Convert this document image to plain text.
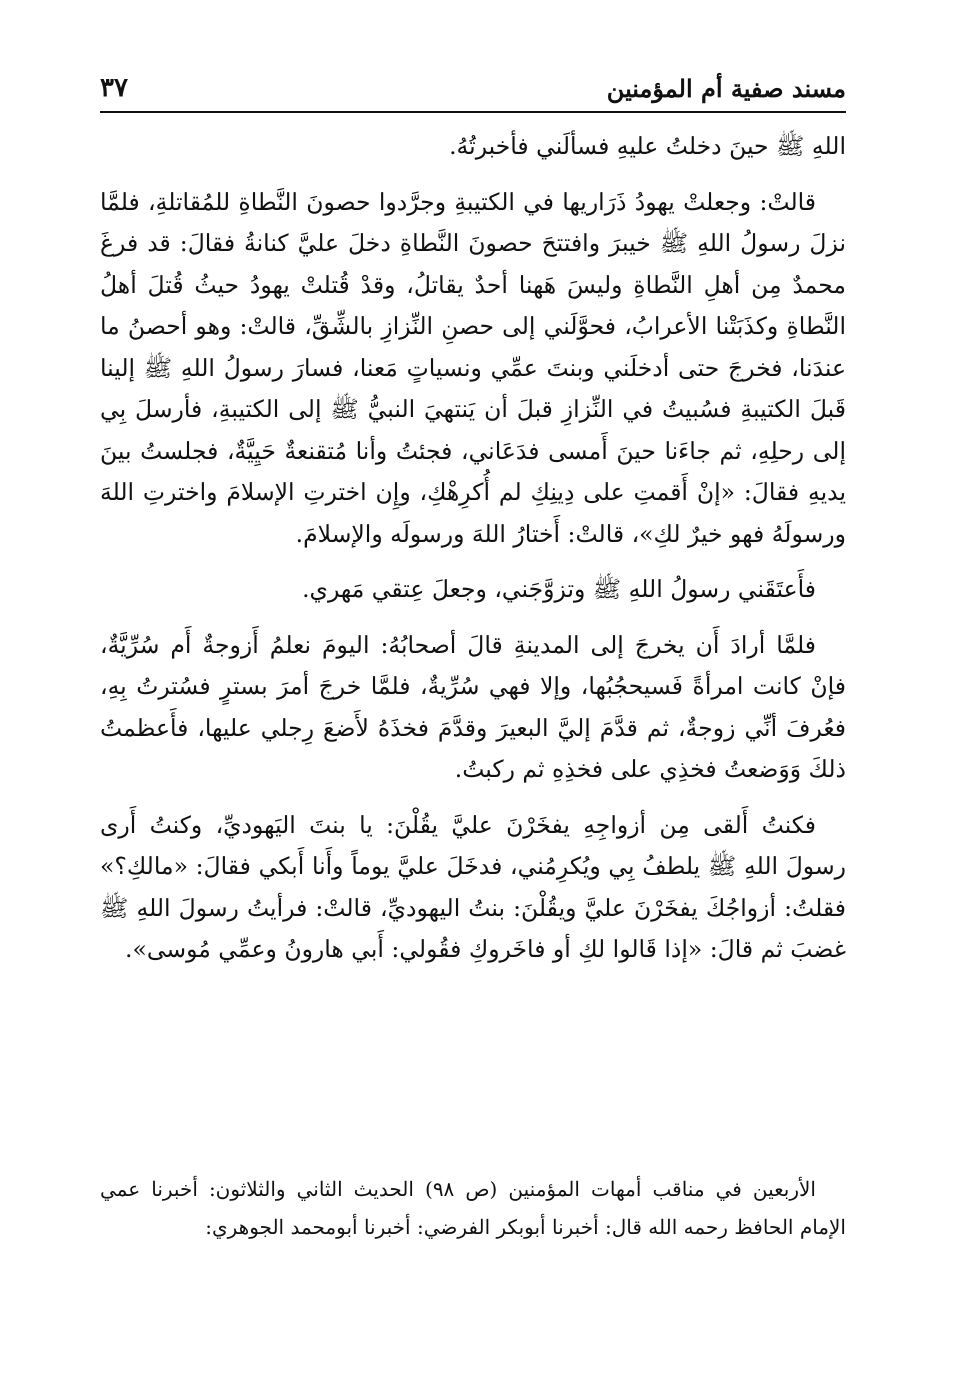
مسند صفية أم المؤمنين
٣٧

اللهِ ﷺ حينَ دخلتُ عليهِ فسألَني فأخبرتُهُ.

قالتْ: وجعلتْ يهودُ ذَرَاريها في الكتيبةِ وجرَّدوا حصونَ النَّطاةِ للمُقاتلةِ، فلمَّا نزلَ رسولُ اللهِ ﷺ خيبرَ وافتتحَ حصونَ النَّطاةِ دخلَ عليَّ كنانةُ فقالَ: قد فرغَ محمدٌ مِن أهلِ النَّطاةِ وليسَ هَهنا أحدٌ يقاتلُ، وقدْ قُتلتْ يهودُ حيثُ قُتلَ أهلُ النَّطاةِ وكذَبَتْنا الأعرابُ، فحوَّلَني إلى حصنِ النِّزازِ بالشِّقِّ، قالتْ: وهو أحصنُ ما عندَنا، فخرجَ حتى أدخلَني وبنتَ عمِّي ونسياتٍ مَعنا، فسارَ رسولُ اللهِ ﷺ إلينا قَبلَ الكتيبةِ فسُبيتُ في النِّزازِ قبلَ أن يَنتهيَ النبيُّ ﷺ إلى الكتيبةِ، فأرسلَ بِي إلى رحلِهِ، ثم جاءَنا حينَ أَمسى فدَعَاني، فجئتُ وأنا مُتقنعةٌ حَيِيَّةٌ، فجلستُ بينَ يديهِ فقالَ: «إنْ أَقمتِ على دِينِكِ لم أُكرِهْكِ، وإِن اخترتِ الإسلامَ واخترتِ اللهَ ورسولَهُ فهو خيرٌ لكِ»، قالتْ: أَختارُ اللهَ ورسولَه والإسلامَ.

فأَعتَقَني رسولُ اللهِ ﷺ وتزوَّجَني، وجعلَ عِتقي مَهري.

فلمَّا أرادَ أَن يخرجَ إلى المدينةِ قالَ أصحابُهُ: اليومَ نعلمُ أَزوجةٌ أَم سُرِّيَّةٌ، فإنْ كانت امرأةً فَسيحجُبُها، وإلا فهي سُرِّيةٌ، فلمَّا خرجَ أمرَ بسترٍ فسُترتُ بِهِ، فعُرفَ أنِّي زوجةٌ، ثم قدَّمَ إليَّ البعيرَ وقدَّمَ فخذَهُ لأَضعَ رِجلي عليها، فأَعظمتُ ذلكَ وَوَضعتُ فخذِي على فخذِهِ ثم ركبتُ.

فكنتُ أَلقى مِن أزواجِهِ يفخَرْنَ عليَّ يقُلْنَ: يا بنتَ اليَهوديِّ، وكنتُ أَرى رسولَ اللهِ ﷺ يلطفُ بِي ويُكرِمُني، فدخَلَ عليَّ يوماً وأَنا أَبكي فقالَ: «مالكِ؟» فقلتُ: أزواجُكَ يفخَرْنَ عليَّ ويقُلْنَ: بنتُ اليهوديِّ، قالتْ: فرأيتُ رسولَ اللهِ ﷺ غضبَ ثم قالَ: «إذا قَالوا لكِ أو فاخَروكِ فقُولي: أَبي هارونُ وعمِّي مُوسى».

الأربعين في مناقب أمهات المؤمنين (ص ٩٨) الحديث الثاني والثلاثون: أخبرنا عمي الإمام الحافظ رحمه الله قال: أخبرنا أبوبكر الفرضي: أخبرنا أبومحمد الجوهري:
